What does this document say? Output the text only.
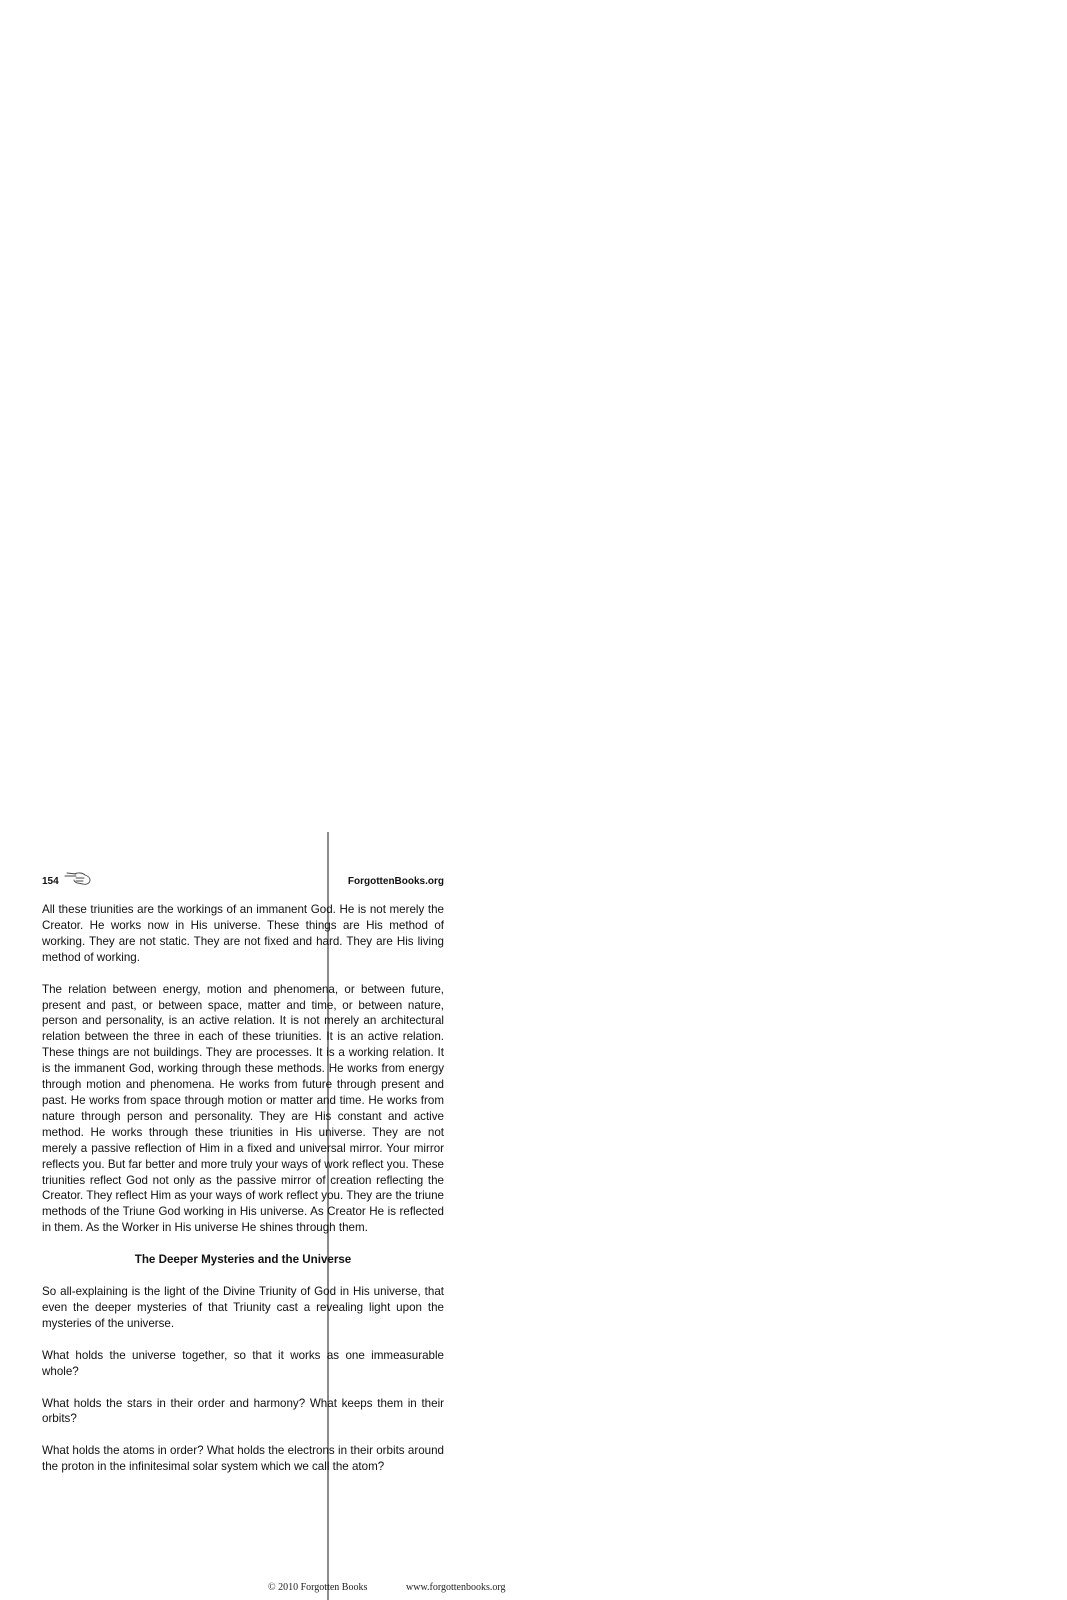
154	ForgottenBooks.org

All these triunities are the workings of an immanent God. He is not merely the Creator. He works now in His universe. These things are His method of working. They are not static. They are not fixed and hard. They are His living method of working.

The relation between energy, motion and phenomena, or between future, present and past, or between space, matter and time, or between nature, person and personality, is an active relation. It is not merely an architectural relation between the three in each of these triunities. It is an active relation. These things are not buildings. They are processes. It is a working relation. It is the immanent God, working through these methods. He works from energy through motion and phenomena. He works from future through present and past. He works from space through motion or matter and time. He works from nature through person and personality. They are His constant and active method. He works through these triunities in His universe. They are not merely a passive reflection of Him in a fixed and universal mirror. Your mirror reflects you. But far better and more truly your ways of work reflect you. These triunities reflect God not only as the passive mirror of creation reflecting the Creator. They reflect Him as your ways of work reflect you. They are the triune methods of the Triune God working in His universe. As Creator He is reflected in them. As the Worker in His universe He shines through them.

The Deeper Mysteries and the Universe

So all-explaining is the light of the Divine Triunity of God in His universe, that even the deeper mysteries of that Triunity cast a revealing light upon the mysteries of the universe.

What holds the universe together, so that it works as one immeasurable whole?

What holds the stars in their order and harmony? What keeps them in their orbits?

What holds the atoms in order? What holds the electrons in their orbits around the proton in the infinitesimal solar system which we call the atom?

© 2010 Forgotten Books	www.forgottenbooks.org
